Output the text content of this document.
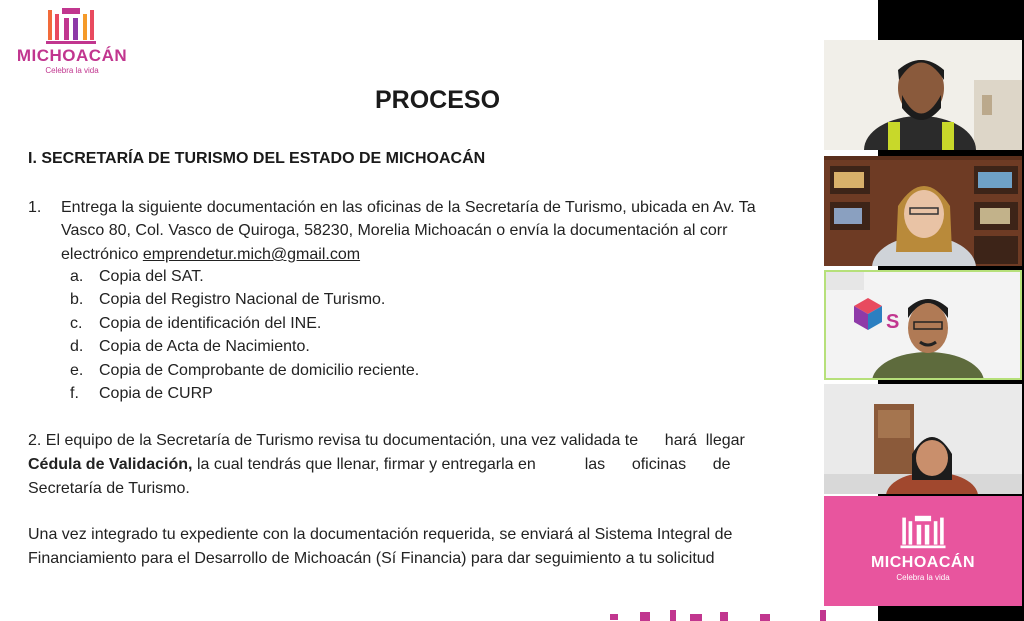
MICHOACÁN
Celebra la vida
PROCESO
I. SECRETARÍA DE TURISMO DEL ESTADO DE MICHOACÁN
1. Entrega la siguiente documentación en las oficinas de la Secretaría de Turismo, ubicada en Av. Ta
Vasco 80, Col. Vasco de Quiroga, 58230, Morelia Michoacán o envía la documentación al corr
electrónico emprendetur.mich@gmail.com
a. Copia del SAT.
b. Copia del Registro Nacional de Turismo.
c. Copia de identificación del INE.
d. Copia de Acta de Nacimiento.
e. Copia de Comprobante de domicilio reciente.
f. Copia de CURP
2. El equipo de la Secretaría de Turismo revisa tu documentación, una vez validada te      hará  llegar
Cédula de Validación, la cual tendrás que llenar, firmar y entregarla en           las      oficinas      de
Secretaría de Turismo.
Una vez integrado tu expediente con la documentación requerida, se enviará al Sistema Integral de
Financiamiento para el Desarrollo de Michoacán (Sí Financia) para dar seguimiento a tu solicitud
S
MICHOACÁN
Celebra la vida
